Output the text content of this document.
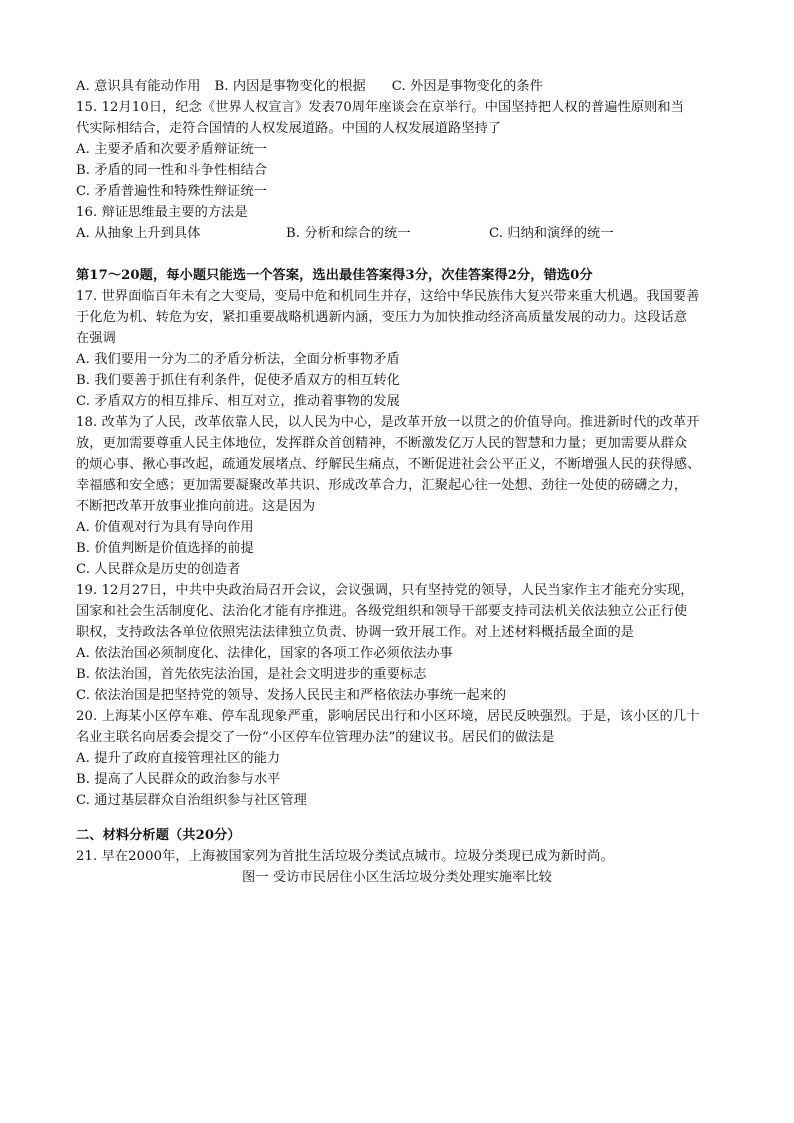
A. 意识具有能动作用 B. 内因是事物变化的根据 C. 外因是事物变化的条件
15. 12月10日，纪念《世界人权宣言》发表70周年座谈会在京举行。中国坚持把人权的普遍性原则和当
代实际相结合，走符合国情的人权发展道路。中国的人权发展道路坚持了
A. 主要矛盾和次要矛盾辩证统一
B. 矛盾的同一性和斗争性相结合
C. 矛盾普遍性和特殊性辩证统一
16. 辩证思维最主要的方法是
A. 从抽象上升到具体	B. 分析和综合的统一	C. 归纳和演绎的统一
第17～20题，每小题只能选一个答案，选出最佳答案得3分，次佳答案得2分，错选0分
17. 世界面临百年未有之大变局，变局中危和机同生并存，这给中华民族伟大复兴带来重大机遇。我国要善
于化危为机、转危为安，紧扣重要战略机遇新内涵，变压力为加快推动经济高质量发展的动力。这段话意
在强调
A. 我们要用一分为二的矛盾分析法，全面分析事物矛盾
B. 我们要善于抓住有利条件，促使矛盾双方的相互转化
C. 矛盾双方的相互排斥、相互对立，推动着事物的发展
18. 改革为了人民，改革依靠人民，以人民为中心，是改革开放一以贯之的价值导向。推进新时代的改革开
放，更加需要尊重人民主体地位，发挥群众首创精神，不断激发亿万人民的智慧和力量；更加需要从群众
的烦心事、揪心事改起，疏通发展堵点、纾解民生痛点，不断促进社会公平正义，不断增强人民的获得感、
幸福感和安全感；更加需要凝聚改革共识、形成改革合力，汇聚起心往一处想、劲往一处使的磅礴之力，
不断把改革开放事业推向前进。这是因为
A. 价值观对行为具有导向作用
B. 价值判断是价值选择的前提
C. 人民群众是历史的创造者
19. 12月27日，中共中央政治局召开会议，会议强调，只有坚持党的领导，人民当家作主才能充分实现，
国家和社会生活制度化、法治化才能有序推进。各级党组织和领导干部要支持司法机关依法独立公正行使
职权，支持政法各单位依照宪法法律独立负责、协调一致开展工作。对上述材料概括最全面的是
A. 依法治国必须制度化、法律化，国家的各项工作必须依法办事
B. 依法治国，首先依宪法治国，是社会文明进步的重要标志
C. 依法治国是把坚持党的领导、发扬人民民主和严格依法办事统一起来的
20. 上海某小区停车难、停车乱现象严重，影响居民出行和小区环境，居民反映强烈。于是，该小区的几十
名业主联名向居委会提交了一份“小区停车位管理办法”的建议书。居民们的做法是
A. 提升了政府直接管理社区的能力
B. 提高了人民群众的政治参与水平
C. 通过基层群众自治组织参与社区管理
二、材料分析题（共20分）
21. 早在2000年，上海被国家列为首批生活垃圾分类试点城市。垃圾分类现已成为新时尚。
图一 受访市民居住小区生活垃圾分类处理实施率比较
